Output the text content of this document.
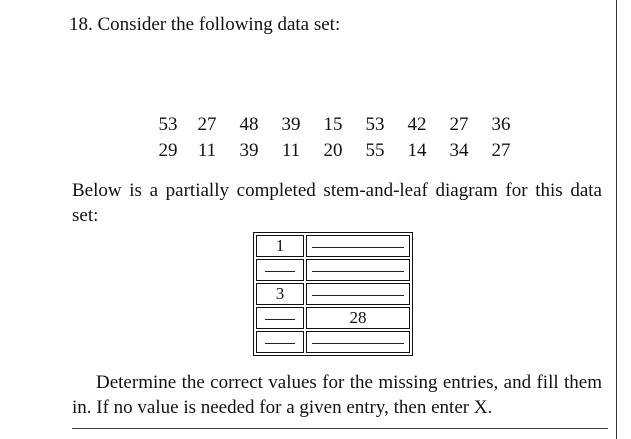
18. Consider the following data set:
53	27	48	39	15	53	42	27	36
29	11	39	11	20	55	14	34	27
Below is a partially completed stem-and-leaf diagram for this data set:
1	

3	
	28

Determine the correct values for the missing entries, and fill them in. If no value is needed for a given entry, then enter X.
